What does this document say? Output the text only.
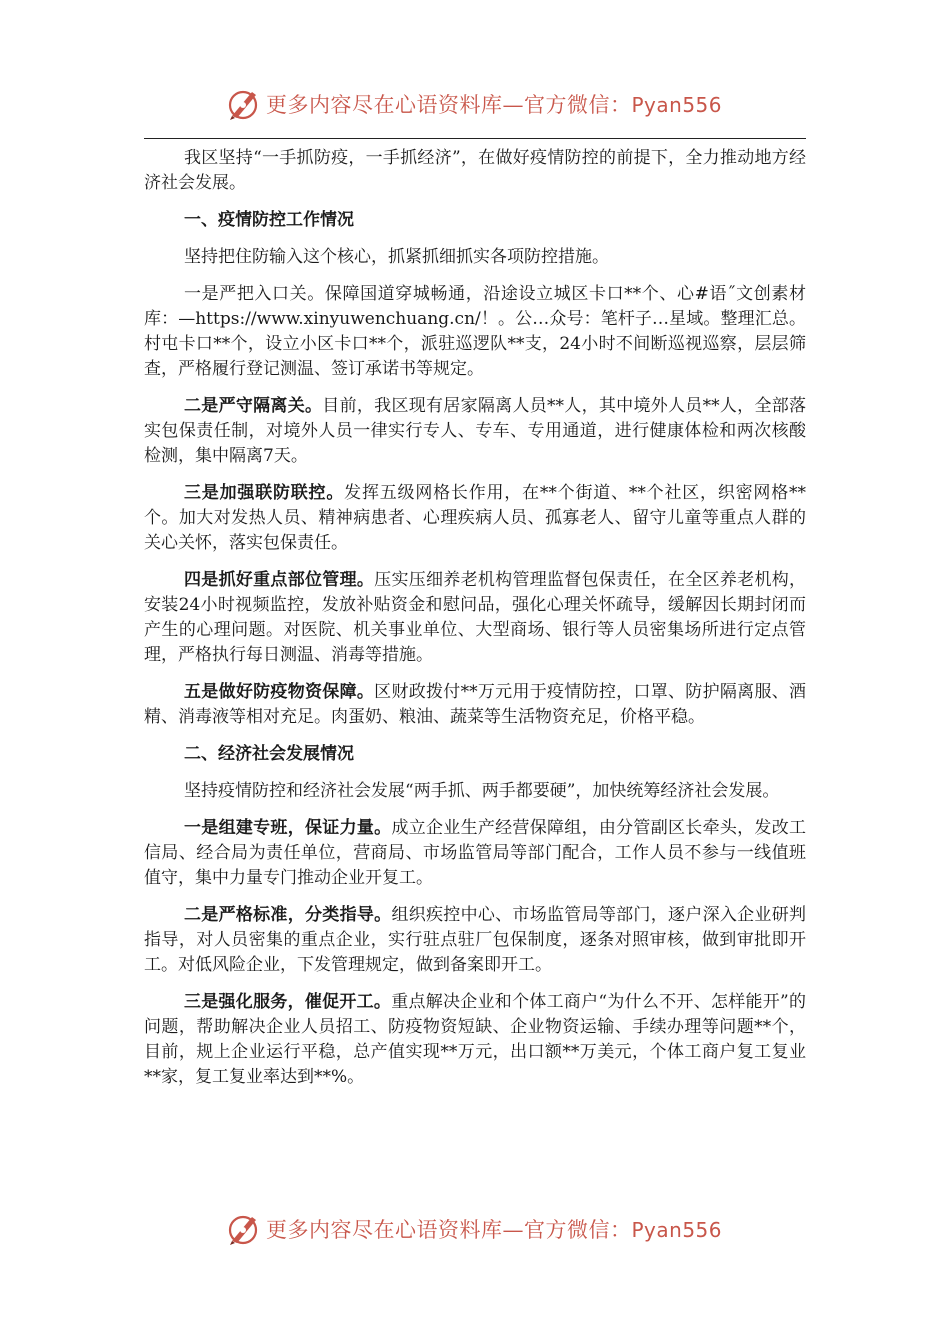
更多内容尽在心语资料库—官方微信：Pyan556

我区坚持“一手抓防疫，一手抓经济”，在做好疫情防控的前提下，全力推动地方经济社会发展。

一、疫情防控工作情况

坚持把住防输入这个核心，抓紧抓细抓实各项防控措施。

一是严把入口关。保障国道穿城畅通，沿途设立城区卡口**个、心#语˝文创素材库：—https://www.xinyuwenchuang.cn/！。公…众号：笔杆子…星域。整理汇总。村屯卡口**个，设立小区卡口**个，派驻巡逻队**支，24小时不间断巡视巡察，层层筛查，严格履行登记测温、签订承诺书等规定。

二是严守隔离关。目前，我区现有居家隔离人员**人，其中境外人员**人，全部落实包保责任制，对境外人员一律实行专人、专车、专用通道，进行健康体检和两次核酸检测，集中隔离7天。

三是加强联防联控。发挥五级网格长作用，在**个街道、**个社区，织密网格**个。加大对发热人员、精神病患者、心理疾病人员、孤寡老人、留守儿童等重点人群的关心关怀，落实包保责任。

四是抓好重点部位管理。压实压细养老机构管理监督包保责任，在全区养老机构，安装24小时视频监控，发放补贴资金和慰问品，强化心理关怀疏导，缓解因长期封闭而产生的心理问题。对医院、机关事业单位、大型商场、银行等人员密集场所进行定点管理，严格执行每日测温、消毒等措施。

五是做好防疫物资保障。区财政拨付**万元用于疫情防控，口罩、防护隔离服、酒精、消毒液等相对充足。肉蛋奶、粮油、蔬菜等生活物资充足，价格平稳。

二、经济社会发展情况

坚持疫情防控和经济社会发展“两手抓、两手都要硬”，加快统筹经济社会发展。

一是组建专班，保证力量。成立企业生产经营保障组，由分管副区长牵头，发改工信局、经合局为责任单位，营商局、市场监管局等部门配合，工作人员不参与一线值班值守，集中力量专门推动企业开复工。

二是严格标准，分类指导。组织疾控中心、市场监管局等部门，逐户深入企业研判指导，对人员密集的重点企业，实行驻点驻厂包保制度，逐条对照审核，做到审批即开工。对低风险企业，下发管理规定，做到备案即开工。

三是强化服务，催促开工。重点解决企业和个体工商户“为什么不开、怎样能开”的问题，帮助解决企业人员招工、防疫物资短缺、企业物资运输、手续办理等问题**个，目前，规上企业运行平稳，总产值实现**万元，出口额**万美元，个体工商户复工复业**家，复工复业率达到**%。

更多内容尽在心语资料库—官方微信：Pyan556
